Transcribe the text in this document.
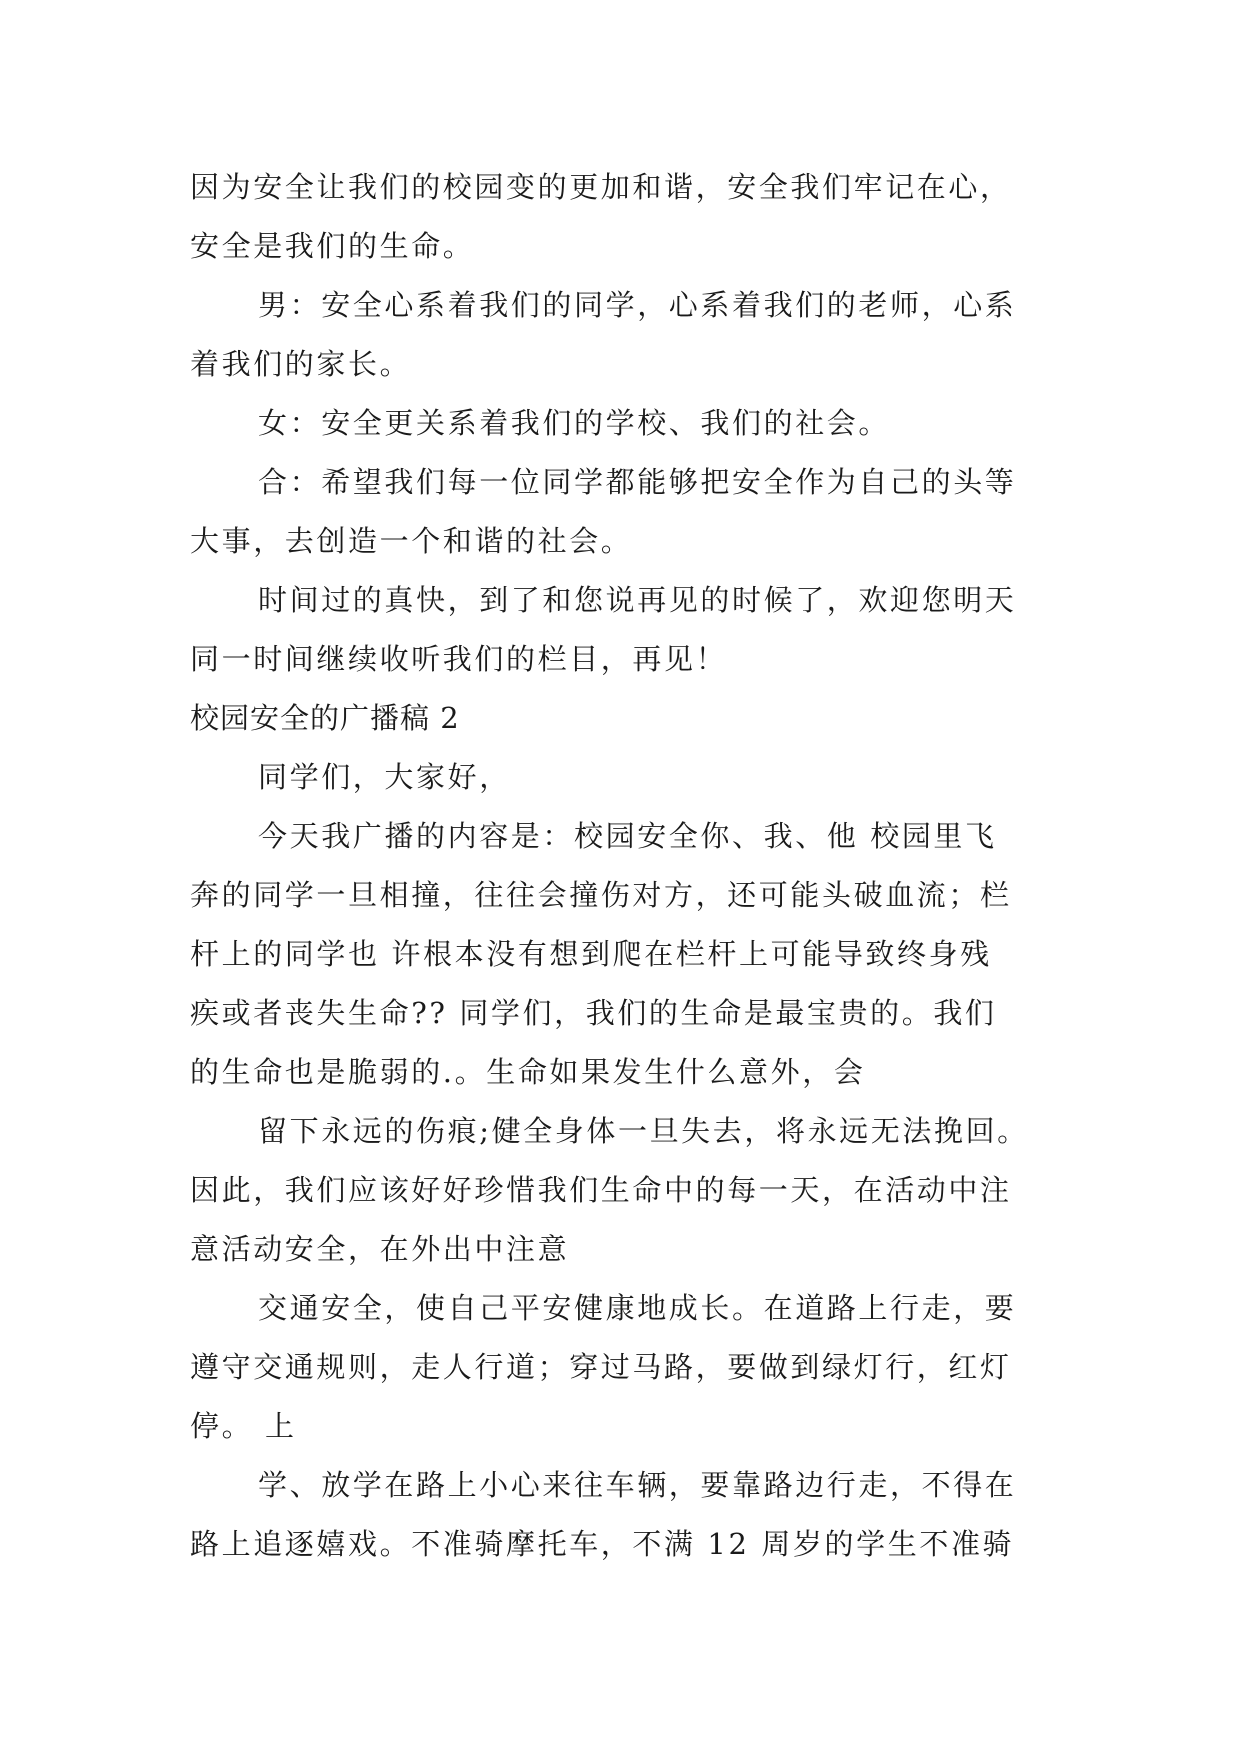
因为安全让我们的校园变的更加和谐，安全我们牢记在心，
安全是我们的生命。
男：安全心系着我们的同学，心系着我们的老师，心系
着我们的家长。
女：安全更关系着我们的学校、我们的社会。
合：希望我们每一位同学都能够把安全作为自己的头等
大事，去创造一个和谐的社会。
时间过的真快，到了和您说再见的时候了，欢迎您明天
同一时间继续收听我们的栏目，再见！
校园安全的广播稿 2
同学们，大家好，
今天我广播的内容是：校园安全你、我、他 校园里飞
奔的同学一旦相撞，往往会撞伤对方，还可能头破血流；栏
杆上的同学也 许根本没有想到爬在栏杆上可能导致终身残
疾或者丧失生命?? 同学们，我们的生命是最宝贵的。我们
的生命也是脆弱的.。生命如果发生什么意外，会
留下永远的伤痕;健全身体一旦失去，将永远无法挽回。
因此，我们应该好好珍惜我们生命中的每一天，在活动中注
意活动安全，在外出中注意
交通安全，使自己平安健康地成长。在道路上行走，要
遵守交通规则，走人行道；穿过马路，要做到绿灯行，红灯
停。 上
学、放学在路上小心来往车辆，要靠路边行走，不得在
路上追逐嬉戏。不准骑摩托车，不满 12 周岁的学生不准骑
